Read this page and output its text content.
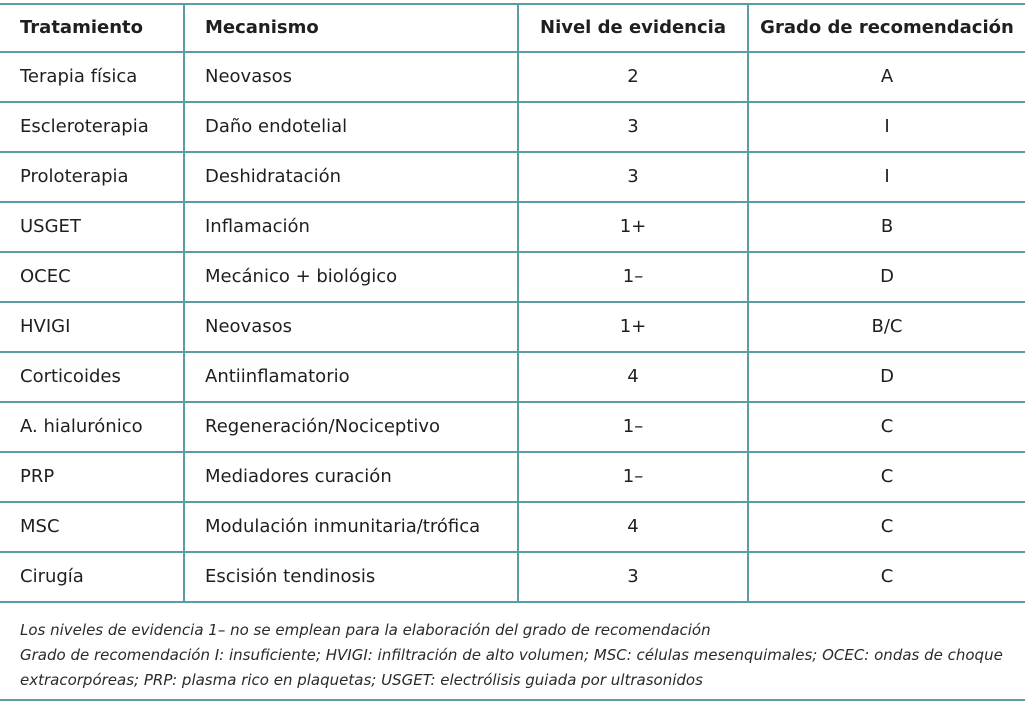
Tratamiento	Mecanismo	Nivel de evidencia	Grado de recomendación
Terapia física	Neovasos	2	A
Escleroterapia	Daño endotelial	3	I
Proloterapia	Deshidratación	3	I
USGET	Inflamación	1+	B
OCEC	Mecánico + biológico	1–	D
HVIGI	Neovasos	1+	B/C
Corticoides	Antiinflamatorio	4	D
A. hialurónico	Regeneración/Nociceptivo	1–	C
PRP	Mediadores curación	1–	C
MSC	Modulación inmunitaria/trófica	4	C
Cirugía	Escisión tendinosis	3	C

Los niveles de evidencia 1– no se emplean para la elaboración del grado de recomendación

Grado de recomendación I: insuficiente; HVIGI: infiltración de alto volumen; MSC: células mesenquimales; OCEC: ondas de choque extracorpóreas; PRP: plasma rico en plaquetas; USGET: electrólisis guiada por ultrasonidos
